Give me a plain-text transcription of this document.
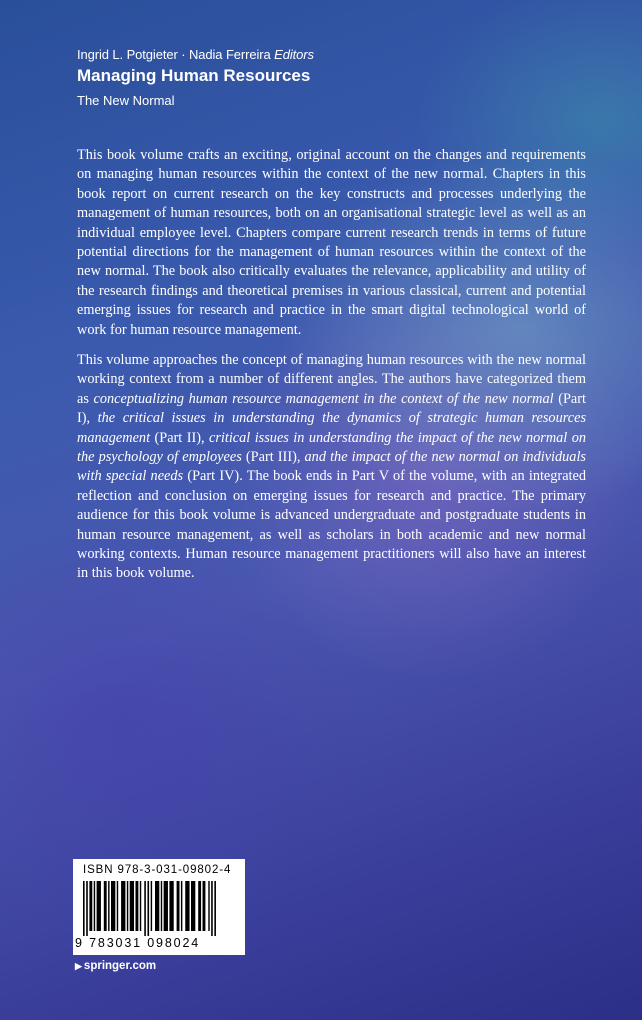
Ingrid L. Potgieter · Nadia Ferreira Editors
Managing Human Resources
The New Normal

This book volume crafts an exciting, original account on the changes and requirements on managing human resources within the context of the new normal. Chapters in this book report on current research on the key constructs and processes underlying the management of human resources, both on an organisational strategic level as well as an individual employee level. Chapters compare current research trends in terms of future potential directions for the management of human resources within the context of the new normal. The book also critically evaluates the relevance, applicability and utility of the research findings and theoretical premises in various classical, current and potential emerging issues for research and practice in the smart digital technological world of work for human resource management.

This volume approaches the concept of managing human resources with the new normal working context from a number of different angles. The authors have categorized them as conceptualizing human resource management in the context of the new normal (Part I), the critical issues in understanding the dynamics of strategic human resources management (Part II), critical issues in understanding the impact of the new normal on the psychology of employees (Part III), and the impact of the new normal on individuals with special needs (Part IV). The book ends in Part V of the volume, with an integrated reflection and conclusion on emerging issues for research and practice. The primary audience for this book volume is advanced undergraduate and postgraduate students in human resource management, as well as scholars in both academic and new normal working contexts. Human resource management practitioners will also have an interest in this book volume.

ISBN 978-3-031-09802-4
9 783031 098024
▶ springer.com
